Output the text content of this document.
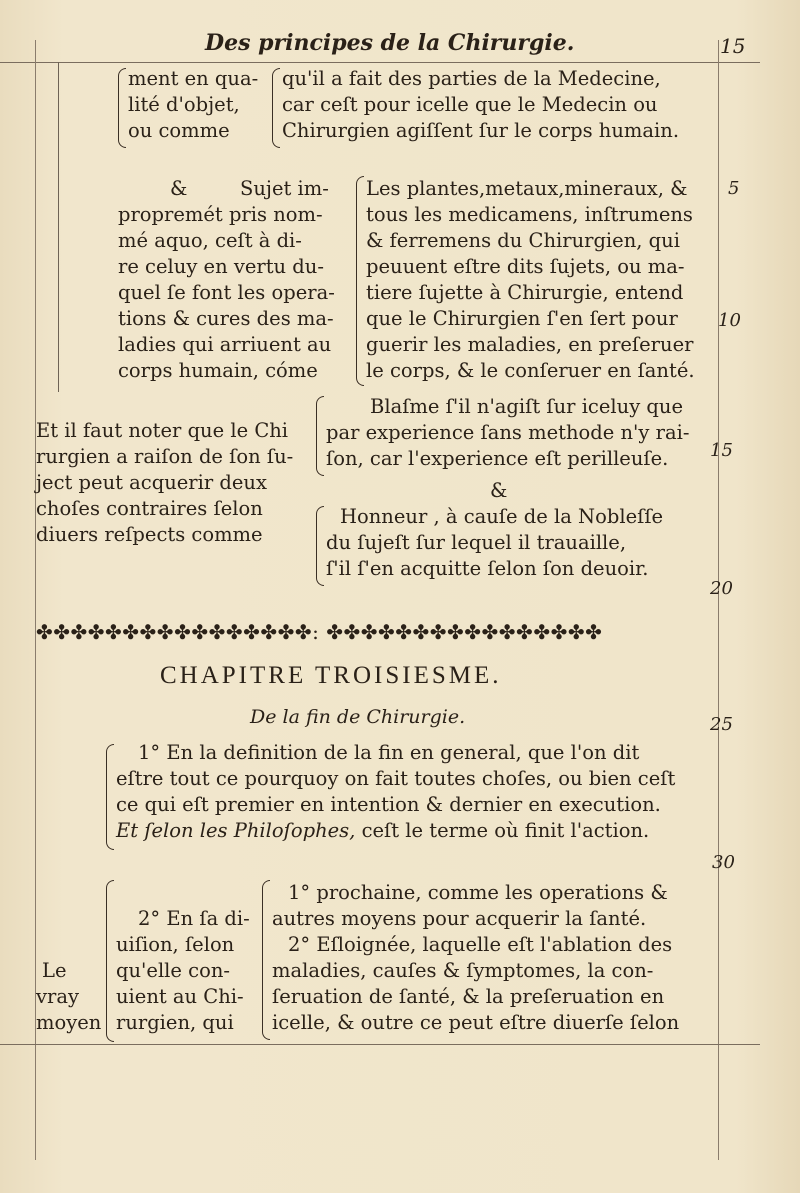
Des principes de la Chirurgie.	15
ment en qua-
lité d'objet,
ou comme
qu'il a fait des parties de la Medecine,
car ceſt pour icelle que le Medecin ou
Chirurgien agiſſent ſur le corps humain.
&	Sujet im-
propremét pris nom-
mé aquo, ceſt à di-
re celuy en vertu du-
quel ſe font les opera-
tions & cures des ma-
ladies qui arriuent au
corps humain, cóme
Les plantes,metaux,mineraux, &
tous les medicamens, inſtrumens
& ferremens du Chirurgien, qui
peuuent eſtre dits ſujets, ou ma-
tiere ſujette à Chirurgie, entend
que le Chirurgien ſ'en ſert pour
guerir les maladies, en preſeruer
le corps, & le conſeruer en ſanté.
Et il faut noter que le Chi
rurgien a raiſon de ſon ſu-
ject peut acquerir deux
choſes contraires ſelon
diuers reſpects comme
Blaſme ſ'il n'agiſt ſur iceluy que
par experience ſans methode n'y rai-
ſon, car l'experience eſt perilleuſe.
&
Honneur , à cauſe de la Nobleſſe
du ſujeſt ſur lequel il trauaille,
ſ'il ſ'en acquitte ſelon ſon deuoir.
5
10
15
20
25
30
✤✤✤✤✤✤✤✤✤✤✤✤✤✤✤✤: ✤✤✤✤✤✤✤✤✤✤✤✤✤✤✤✤
CHAPITRE TROISIESME.
De la fin de Chirurgie.
1° En la definition de la fin en general, que l'on dit
eſtre tout ce pourquoy on fait toutes choſes, ou bien ceſt
ce qui eſt premier en intention & dernier en execution.
Et ſelon les Philoſophes, ceſt le terme où finit l'action.
Le
vray
moyen
2° En ſa di-
uiſion, ſelon
qu'elle con-
uient au Chi-
rurgien, qui
1° prochaine, comme les operations &
autres moyens pour acquerir la ſanté.
2° Eſloignée, laquelle eſt l'ablation des
maladies, cauſes & ſymptomes, la con-
ſeruation de ſanté, & la preſeruation en
icelle, & outre ce peut eſtre diuerſe ſelon
